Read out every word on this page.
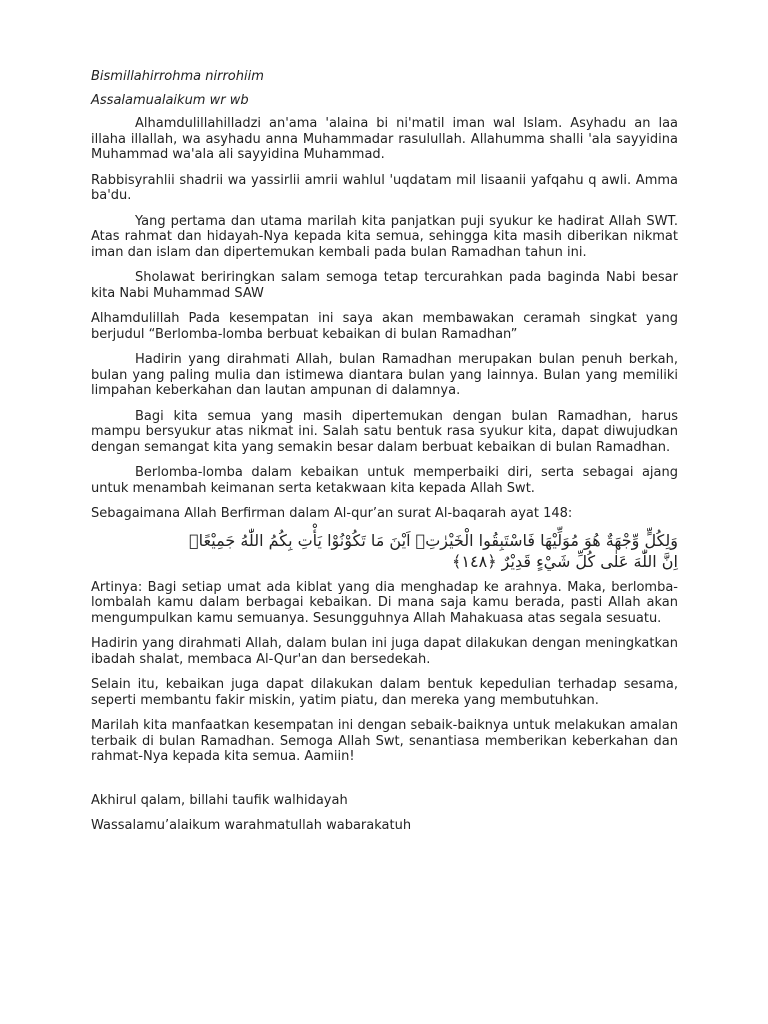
Bismillahirrohma nirrohiim

Assalamualaikum wr wb

Alhamdulillahilladzi an'ama 'alaina bi ni'matil iman wal Islam. Asyhadu an laa illaha illallah, wa asyhadu anna Muhammadar rasulullah. Allahumma shalli 'ala sayyidina Muhammad wa'ala ali sayyidina Muhammad.

Rabbisyrahlii shadrii wa yassirlii amrii wahlul 'uqdatam mil lisaanii yafqahu q awli. Amma ba'du.

Yang pertama dan utama marilah kita panjatkan puji syukur ke hadirat Allah SWT. Atas rahmat dan hidayah-Nya kepada kita semua, sehingga kita masih diberikan nikmat iman dan islam dan dipertemukan kembali pada bulan Ramadhan tahun ini.

Sholawat beriringkan salam semoga tetap tercurahkan pada baginda Nabi besar kita Nabi Muhammad SAW

Alhamdulillah Pada kesempatan ini saya akan membawakan ceramah singkat yang berjudul “Berlomba-lomba berbuat kebaikan di bulan Ramadhan”

Hadirin yang dirahmati Allah, bulan Ramadhan merupakan bulan penuh berkah, bulan yang paling mulia dan istimewa diantara bulan yang lainnya. Bulan yang memiliki limpahan keberkahan dan lautan ampunan di dalamnya.

Bagi kita semua yang masih dipertemukan dengan bulan Ramadhan, harus mampu bersyukur atas nikmat ini. Salah satu bentuk rasa syukur kita, dapat diwujudkan dengan semangat kita yang semakin besar dalam berbuat kebaikan di bulan Ramadhan.

Berlomba-lomba dalam kebaikan untuk memperbaiki diri, serta sebagai ajang untuk menambah keimanan serta ketakwaan kita kepada Allah Swt.

Sebagaimana Allah Berfirman dalam Al-qur’an surat Al-baqarah ayat 148:

وَلِكُلٍّ وِّجْهَةٌ هُوَ مُوَلِّيْهَا فَاسْتَبِقُوا الْخَيْرٰتِۗ اَيْنَ مَا تَكُوْنُوْا يَأْتِ بِكُمُ اللّٰهُ جَمِيْعًاۗ

اِنَّ اللّٰهَ عَلٰى كُلِّ شَيْءٍ قَدِيْرٌ ﴿١٤٨﴾

Artinya: Bagi setiap umat ada kiblat yang dia menghadap ke arahnya. Maka, berlomba-lombalah kamu dalam berbagai kebaikan. Di mana saja kamu berada, pasti Allah akan mengumpulkan kamu semuanya. Sesungguhnya Allah Mahakuasa atas segala sesuatu.

Hadirin yang dirahmati Allah, dalam bulan ini juga dapat dilakukan dengan meningkatkan ibadah shalat, membaca Al-Qur'an dan bersedekah.

Selain itu, kebaikan juga dapat dilakukan dalam bentuk kepedulian terhadap sesama, seperti membantu fakir miskin, yatim piatu, dan mereka yang membutuhkan.

Marilah kita manfaatkan kesempatan ini dengan sebaik-baiknya untuk melakukan amalan terbaik di bulan Ramadhan. Semoga Allah Swt, senantiasa memberikan keberkahan dan rahmat-Nya kepada kita semua. Aamiin!

Akhirul qalam, billahi taufik walhidayah

Wassalamu’alaikum warahmatullah wabarakatuh
